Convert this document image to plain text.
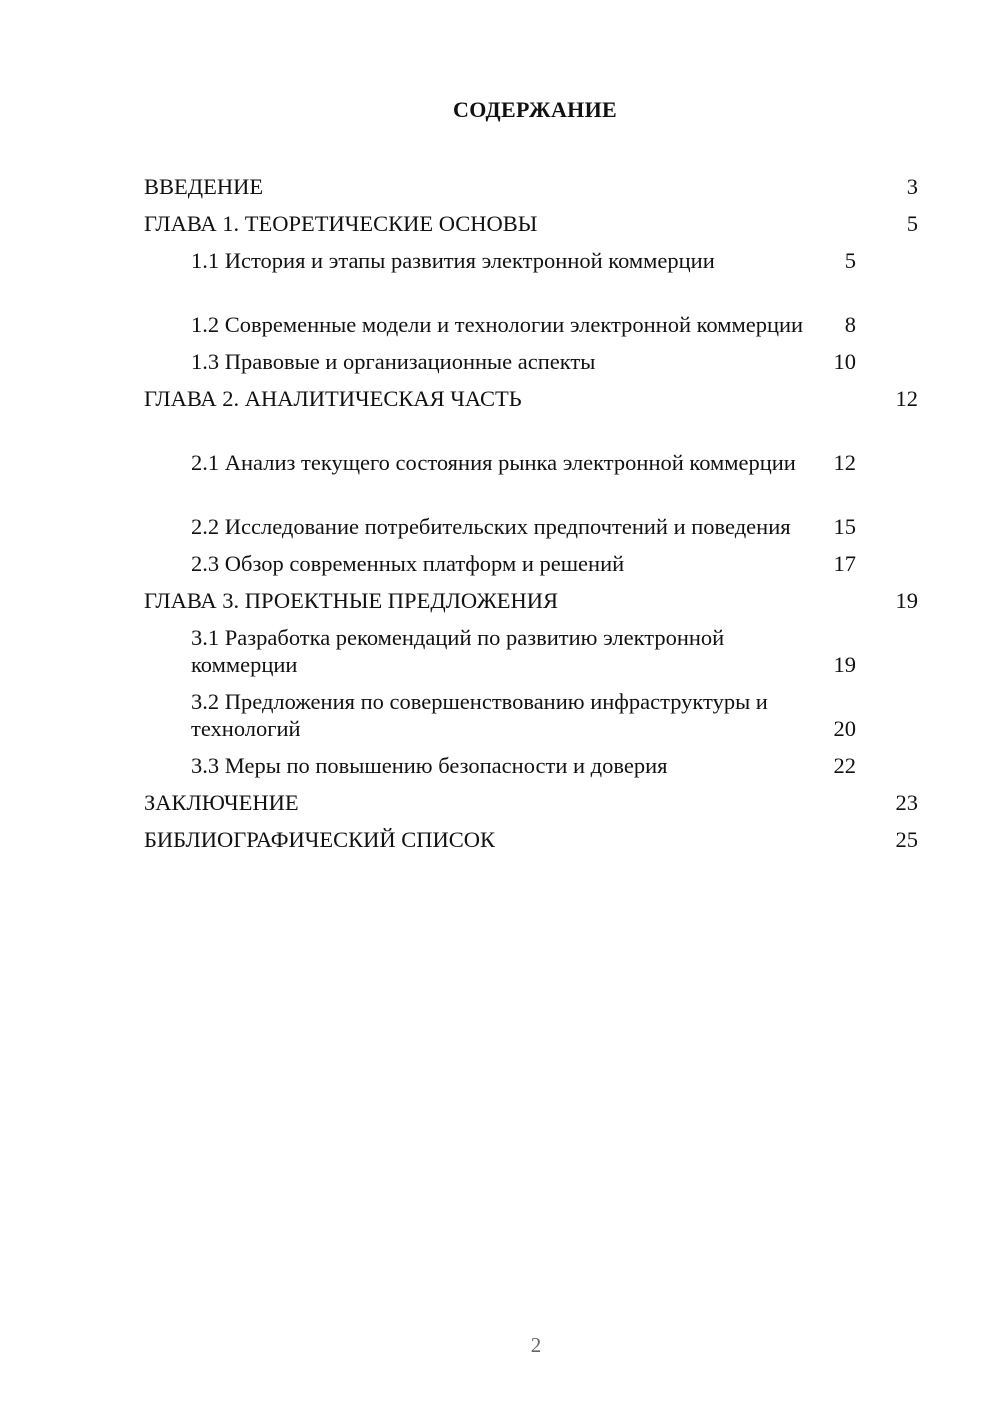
СОДЕРЖАНИЕ
ВВЕДЕНИЕ	3
ГЛАВА 1. ТЕОРЕТИЧЕСКИЕ ОСНОВЫ	5
1.1 История и этапы развития электронной коммерции	5
1.2 Современные модели и технологии электронной коммерции	8
1.3 Правовые и организационные аспекты	10
ГЛАВА 2. АНАЛИТИЧЕСКАЯ ЧАСТЬ	12
2.1 Анализ текущего состояния рынка электронной коммерции	12
2.2 Исследование потребительских предпочтений и поведения	15
2.3 Обзор современных платформ и решений	17
ГЛАВА 3. ПРОЕКТНЫЕ ПРЕДЛОЖЕНИЯ	19
3.1 Разработка рекомендаций по развитию электронной коммерции	19
3.2 Предложения по совершенствованию инфраструктуры и технологий	20
3.3 Меры по повышению безопасности и доверия	22
ЗАКЛЮЧЕНИЕ	23
БИБЛИОГРАФИЧЕСКИЙ СПИСОК	25
2
